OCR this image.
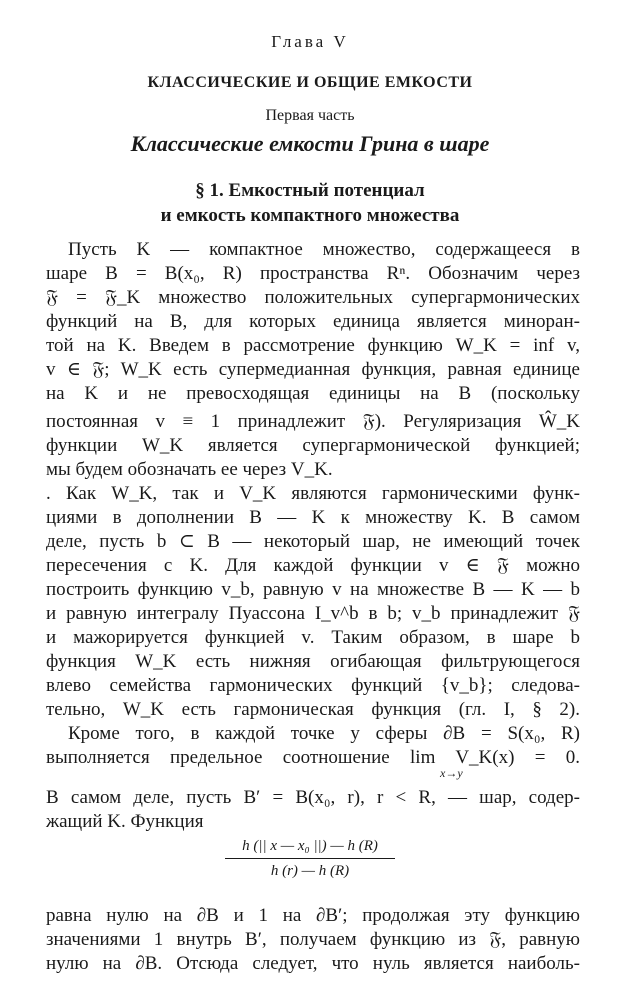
Глава V
КЛАССИЧЕСКИЕ И ОБЩИЕ ЕМКОСТИ
Первая часть
Классические емкости Грина в шаре
§ 1. Емкостный потенциал
и емкость компактного множества
Пусть K — компактное множество, содержащееся в
шаре B = B(x₀, R) пространства Rⁿ. Обозначим через
𝔉 = 𝔉_K множество положительных супергармонических
функций на B, для которых единица является миноран-
той на K. Введем в рассмотрение функцию W_K = inf v,
v ∈ 𝔉; W_K есть супермедианная функция, равная единице
на K и не превосходящая единицы на B (поскольку
постоянная v ≡ 1 принадлежит 𝔉). Регуляризация Ŵ_K
функции W_K является супергармонической функцией;
мы будем обозначать ее через V_K.
. Как W_K, так и V_K являются гармоническими функ-
циями в дополнении B — K к множеству K. В самом
деле, пусть b ⊂ B — некоторый шар, не имеющий точек
пересечения с K. Для каждой функции v ∈ 𝔉 можно
построить функцию v_b, равную v на множестве B — K — b
и равную интегралу Пуассона I_v^b в b; v_b принадлежит 𝔉
и мажорируется функцией v. Таким образом, в шаре b
функция W_K есть нижняя огибающая фильтрующегося
влево семейства гармонических функций {v_b}; следова-
тельно, W_K есть гармоническая функция (гл. I, § 2).
Кроме того, в каждой точке y сферы ∂B = S(x₀, R)
выполняется предельное соотношение lim V_K(x) = 0.
x→y
В самом деле, пусть B′ = B(x₀, r), r < R, — шар, содер-
жащий K. Функция
$\frac{\text{h (|| x — x₀ ||) — h (R)}}{h (r) — h (R)}$
равна нулю на ∂B и 1 на ∂B′; продолжая эту функцию
значениями 1 внутрь B′, получаем функцию из 𝔉, равную
нулю на ∂B. Отсюда следует, что нуль является наиболь-
